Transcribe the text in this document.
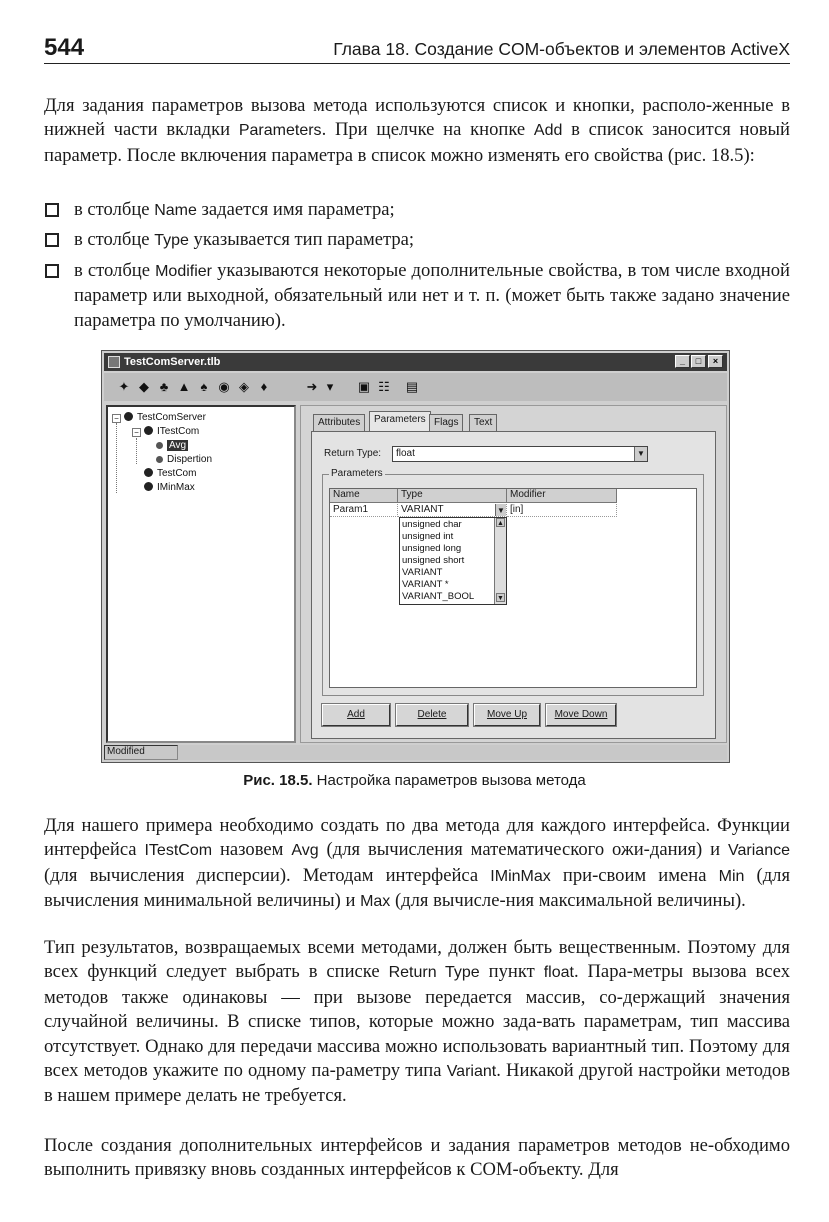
544	Глава 18. Создание COM-объектов и элементов ActiveX

Для задания параметров вызова метода используются список и кнопки, располо-женные в нижней части вкладки Parameters. При щелчке на кнопке Add в список заносится новый параметр. После включения параметра в список можно изменять его свойства (рис. 18.5):

в столбце Name задается имя параметра;
в столбце Type указывается тип параметра;
в столбце Modifier указываются некоторые дополнительные свойства, в том числе входной параметр или выходной, обязательный или нет и т. п. (может быть также задано значение параметра по умолчанию).
TestComServer.tlb	_	□	×
✦ ◆ ♣ ▲ ♠ ◉ ◈ ♦	➜ ▾	▣ ☷ ▤
−	TestComServer
−	ITestCom
Avg
Dispertion
TestCom
IMinMax
Attributes	Parameters Flags	Text
Return Type:	float	▼
Parameters
Name	Type	Modifier
Param1	VARIANT	▼ [in]
unsigned char
unsigned int
unsigned long
unsigned short
VARIANT
VARIANT *
VARIANT_BOOL
▲
▼
Add	Delete	Move Up	Move Down
Modified
Рис. 18.5. Настройка параметров вызова метода

Для нашего примера необходимо создать по два метода для каждого интерфейса. Функции интерфейса ITestCom назовем Avg (для вычисления математического ожи-дания) и Variance (для вычисления дисперсии). Методам интерфейса IMinMax при-своим имена Min (для вычисления минимальной величины) и Max (для вычисле-ния максимальной величины).

Тип результатов, возвращаемых всеми методами, должен быть вещественным. Поэтому для всех функций следует выбрать в списке Return Type пункт float. Пара-метры вызова всех методов также одинаковы — при вызове передается массив, со-держащий значения случайной величины. В списке типов, которые можно зада-вать параметрам, тип массива отсутствует. Однако для передачи массива можно использовать вариантный тип. Поэтому для всех методов укажите по одному па-раметру типа Variant. Никакой другой настройки методов в нашем примере делать не требуется.

После создания дополнительных интерфейсов и задания параметров методов не-обходимо выполнить привязку вновь созданных интерфейсов к COM-объекту. Для
